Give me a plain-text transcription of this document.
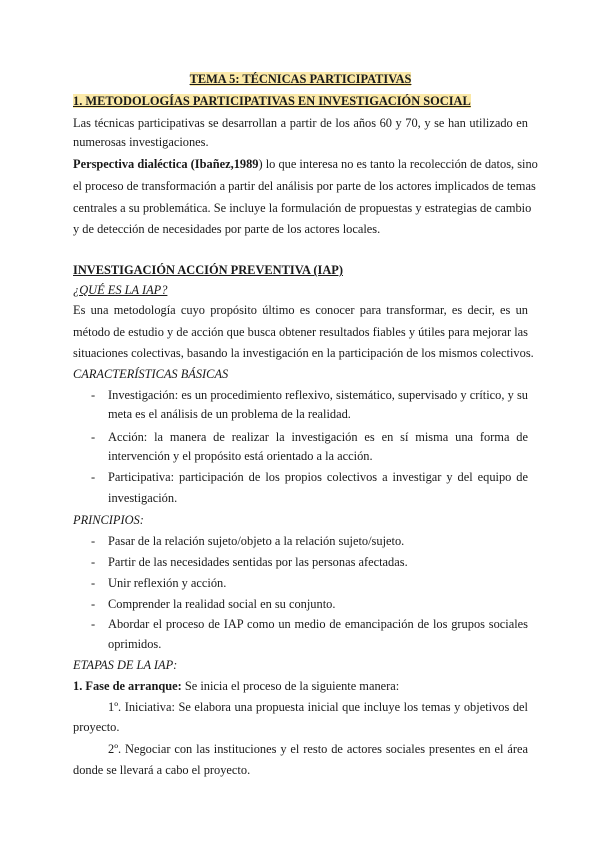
TEMA 5: TÉCNICAS PARTICIPATIVAS
1. METODOLOGÍAS PARTICIPATIVAS EN INVESTIGACIÓN SOCIAL
Las técnicas participativas se desarrollan a partir de los años 60 y 70, y se han utilizado en
numerosas investigaciones.
Perspectiva dialéctica (Ibañez,1989) lo que interesa no es tanto la recolección de datos, sino
el proceso de transformación a partir del análisis por parte de los actores implicados de temas
centrales a su problemática. Se incluye la formulación de propuestas y estrategias de cambio
y de detección de necesidades por parte de los actores locales.
INVESTIGACIÓN ACCIÓN PREVENTIVA (IAP)
¿QUÉ ES LA IAP?
Es una metodología cuyo propósito último es conocer para transformar, es decir, es un
método de estudio y de acción que busca obtener resultados fiables y útiles para mejorar las
situaciones colectivas, basando la investigación en la participación de los mismos colectivos.
CARACTERÍSTICAS BÁSICAS
- Investigación: es un procedimiento reflexivo, sistemático, supervisado y crítico, y su
meta es el análisis de un problema de la realidad.
- Acción: la manera de realizar la investigación es en sí misma una forma de
intervención y el propósito está orientado a la acción.
- Participativa: participación de los propios colectivos a investigar y del equipo de
investigación.
PRINCIPIOS:
- Pasar de la relación sujeto/objeto a la relación sujeto/sujeto.
- Partir de las necesidades sentidas por las personas afectadas.
- Unir reflexión y acción.
- Comprender la realidad social en su conjunto.
- Abordar el proceso de IAP como un medio de emancipación de los grupos sociales
oprimidos.
ETAPAS DE LA IAP:
1. Fase de arranque: Se inicia el proceso de la siguiente manera:
1º. Iniciativa: Se elabora una propuesta inicial que incluye los temas y objetivos del
proyecto.
2º. Negociar con las instituciones y el resto de actores sociales presentes en el área
donde se llevará a cabo el proyecto.
